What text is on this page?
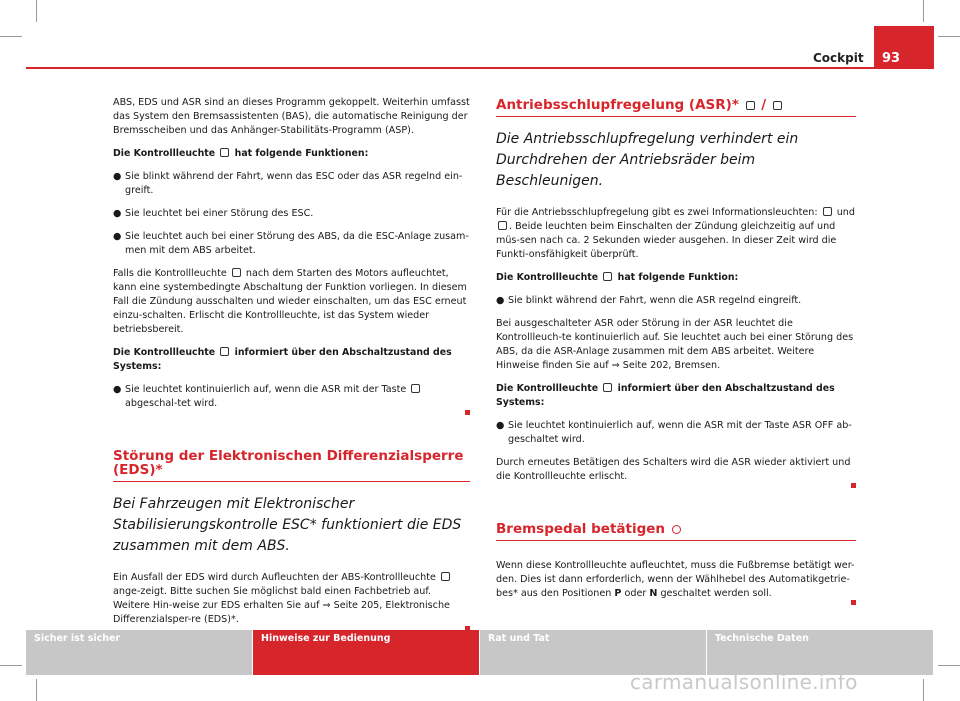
Cockpit 93

ABS, EDS und ASR sind an dieses Programm gekoppelt. Weiterhin umfasst das System den Bremsassistenten (BAS), die automatische Reinigung der Bremsscheiben und das Anhänger-Stabilitäts-Programm (ASP).

Die Kontrollleuchte hat folgende Funktionen:

● Sie blinkt während der Fahrt, wenn das ESC oder das ASR regelnd ein-greift.
● Sie leuchtet bei einer Störung des ESC.
● Sie leuchtet auch bei einer Störung des ABS, da die ESC-Anlage zusam-men mit dem ABS arbeitet.

Falls die Kontrollleuchte nach dem Starten des Motors aufleuchtet, kann eine systembedingte Abschaltung der Funktion vorliegen. In diesem Fall die Zündung ausschalten und wieder einschalten, um das ESC erneut einzu-schalten. Erlischt die Kontrollleuchte, ist das System wieder betriebsbereit.

Die Kontrollleuchte informiert über den Abschaltzustand des Systems:

● Sie leuchtet kontinuierlich auf, wenn die ASR mit der Taste  abgeschal-tet wird.
Störung der Elektronischen Differenzialsperre (EDS)*
Bei Fahrzeugen mit Elektronischer Stabilisierungskontrolle ESC* funktioniert die EDS zusammen mit dem ABS.

Ein Ausfall der EDS wird durch Aufleuchten der ABS-Kontrollleuchte  ange-zeigt. Bitte suchen Sie möglichst bald einen Fachbetrieb auf. Weitere Hin-weise zur EDS erhalten Sie auf ⇒ Seite 205, Elektronische Differenzialsper-re (EDS)*.

Antriebsschlupfregelung (ASR)* /
Die Antriebsschlupfregelung verhindert ein Durchdrehen der Antriebsräder beim Beschleunigen.

Für die Antriebsschlupfregelung gibt es zwei Informationsleuchten: und . Beide leuchten beim Einschalten der Zündung gleichzeitig auf und müs-sen nach ca. 2 Sekunden wieder ausgehen. In dieser Zeit wird die Funkti-onsfähigkeit überprüft.

Die Kontrollleuchte hat folgende Funktion:

● Sie blinkt während der Fahrt, wenn die ASR regelnd eingreift.

Bei ausgeschalteter ASR oder Störung in der ASR leuchtet die Kontrollleuch-te kontinuierlich auf. Sie leuchtet auch bei einer Störung des ABS, da die ASR-Anlage zusammen mit dem ABS arbeitet. Weitere Hinweise finden Sie auf ⇒ Seite 202, Bremsen.

Die Kontrollleuchte informiert über den Abschaltzustand des Systems:

● Sie leuchtet kontinuierlich auf, wenn die ASR mit der Taste ASR OFF ab-geschaltet wird.

Durch erneutes Betätigen des Schalters wird die ASR wieder aktiviert und die Kontrollleuchte erlischt.

Bremspedal betätigen

Wenn diese Kontrollleuchte aufleuchtet, muss die Fußbremse betätigt wer-den. Dies ist dann erforderlich, wenn der Wählhebel des Automatikgetrie-bes* aus den Positionen P oder N geschaltet werden soll.

Sicher ist sicher	Hinweise zur Bedienung	Rat und Tat	Technische Daten
carmanualsonline.info
